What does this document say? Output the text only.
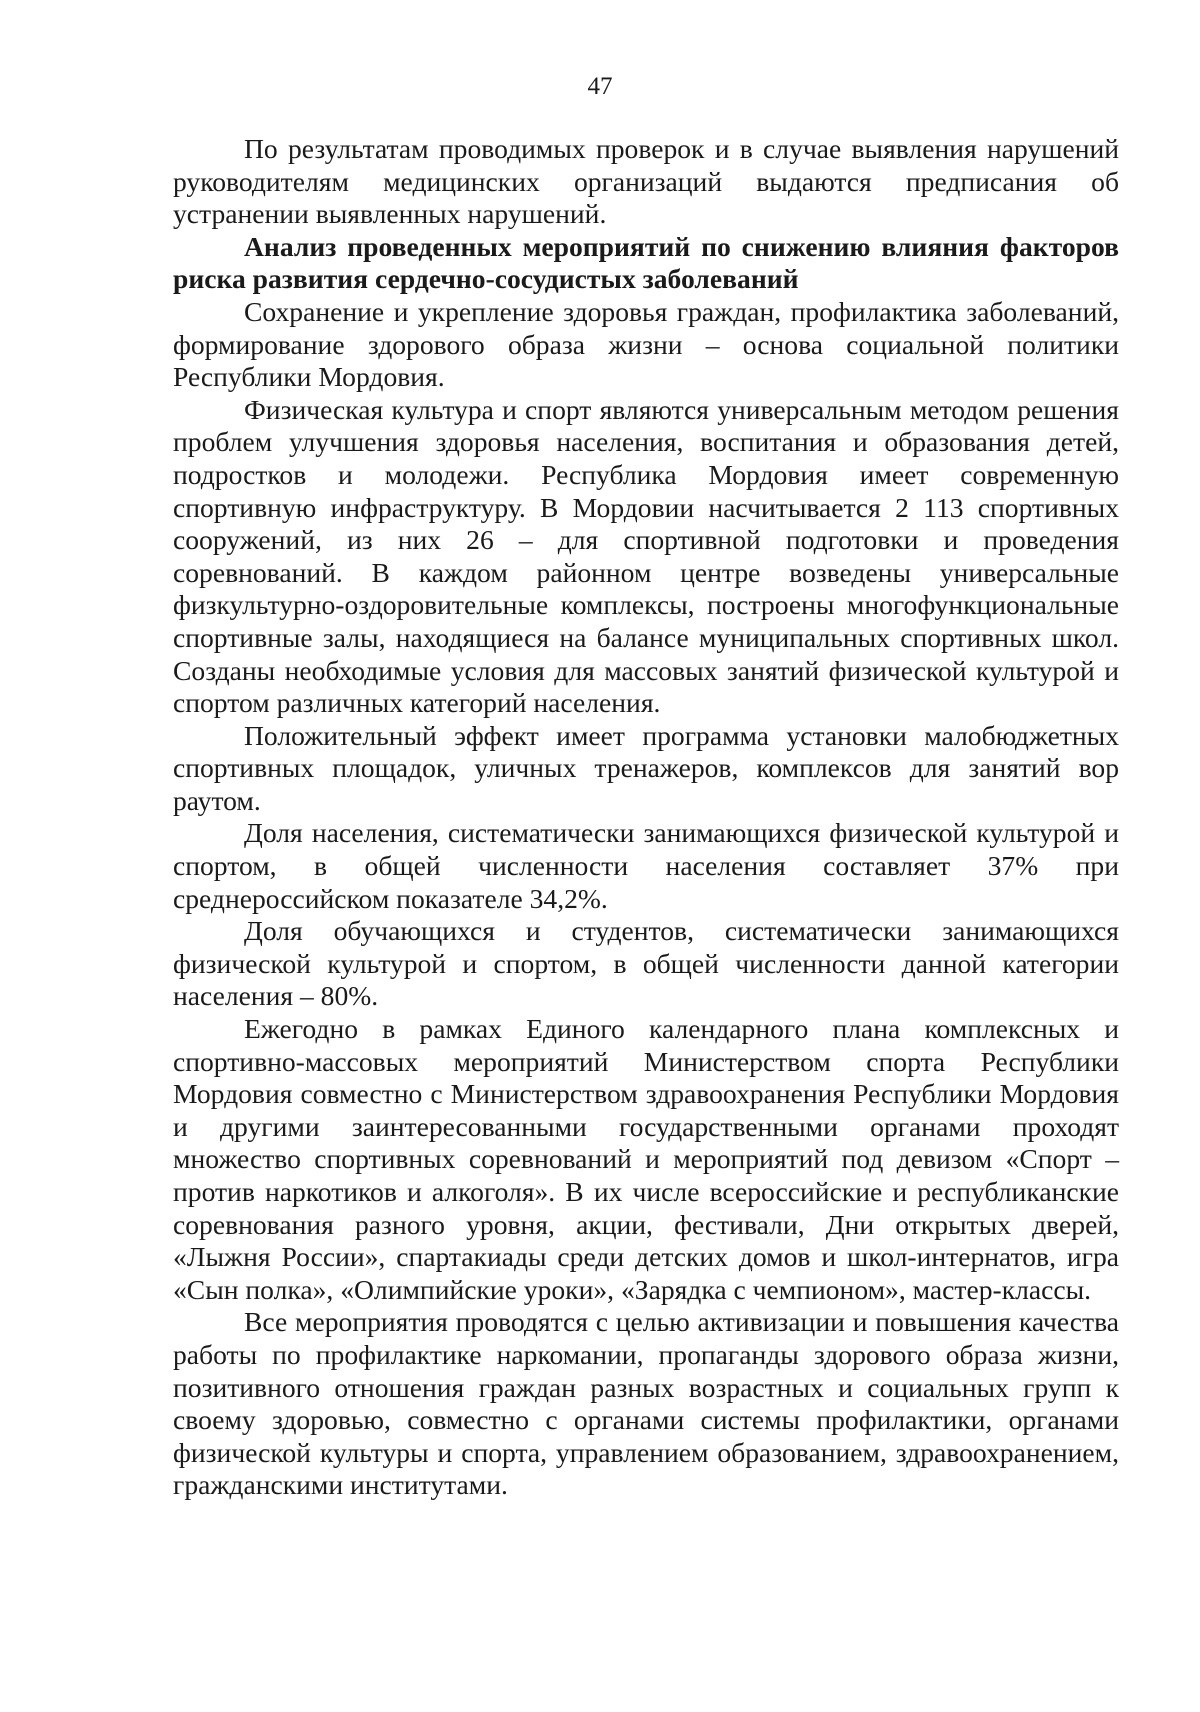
47

По результатам проводимых проверок и в случае выявления нарушений руководителям медицинских организаций выдаются предписания об устранении выявленных нарушений.

Анализ проведенных мероприятий по снижению влияния факторов риска развития сердечно-сосудистых заболеваний

Сохранение и укрепление здоровья граждан, профилактика заболеваний, формирование здорового образа жизни – основа социальной политики Республики Мордовия.

Физическая культура и спорт являются универсальным методом решения проблем улучшения здоровья населения, воспитания и образования детей, подростков и молодежи. Республика Мордовия имеет современную спортивную инфраструктуру. В Мордовии насчитывается 2 113 спортивных сооружений, из них 26 – для спортивной подготовки и проведения соревнований. В каждом районном центре возведены универсальные физкультурно-оздоровительные комплексы, построены многофункциональные спортивные залы, находящиеся на балансе муниципальных спортивных школ. Созданы необходимые условия для массовых занятий физической культурой и спортом различных категорий населения.

Положительный эффект имеет программа установки малобюджетных спортивных площадок, уличных тренажеров, комплексов для занятий вор раутом.

Доля населения, систематически занимающихся физической культурой и спортом, в общей численности населения составляет 37% при среднероссийском показателе 34,2%.

Доля обучающихся и студентов, систематически занимающихся физической культурой и спортом, в общей численности данной категории населения – 80%.

Ежегодно в рамках Единого календарного плана комплексных и спортивно-массовых мероприятий Министерством спорта Республики Мордовия совместно с Министерством здравоохранения Республики Мордовия и другими заинтересованными государственными органами проходят множество спортивных соревнований и мероприятий под девизом «Спорт – против наркотиков и алкоголя». В их числе всероссийские и республиканские соревнования разного уровня, акции, фестивали, Дни открытых дверей, «Лыжня России», спартакиады среди детских домов и школ-интернатов, игра «Сын полка», «Олимпийские уроки», «Зарядка с чемпионом», мастер-классы.

Все мероприятия проводятся с целью активизации и повышения качества работы по профилактике наркомании, пропаганды здорового образа жизни, позитивного отношения граждан разных возрастных и социальных групп к своему здоровью, совместно с органами системы профилактики, органами физической культуры и спорта, управлением образованием, здравоохранением, гражданскими институтами.
